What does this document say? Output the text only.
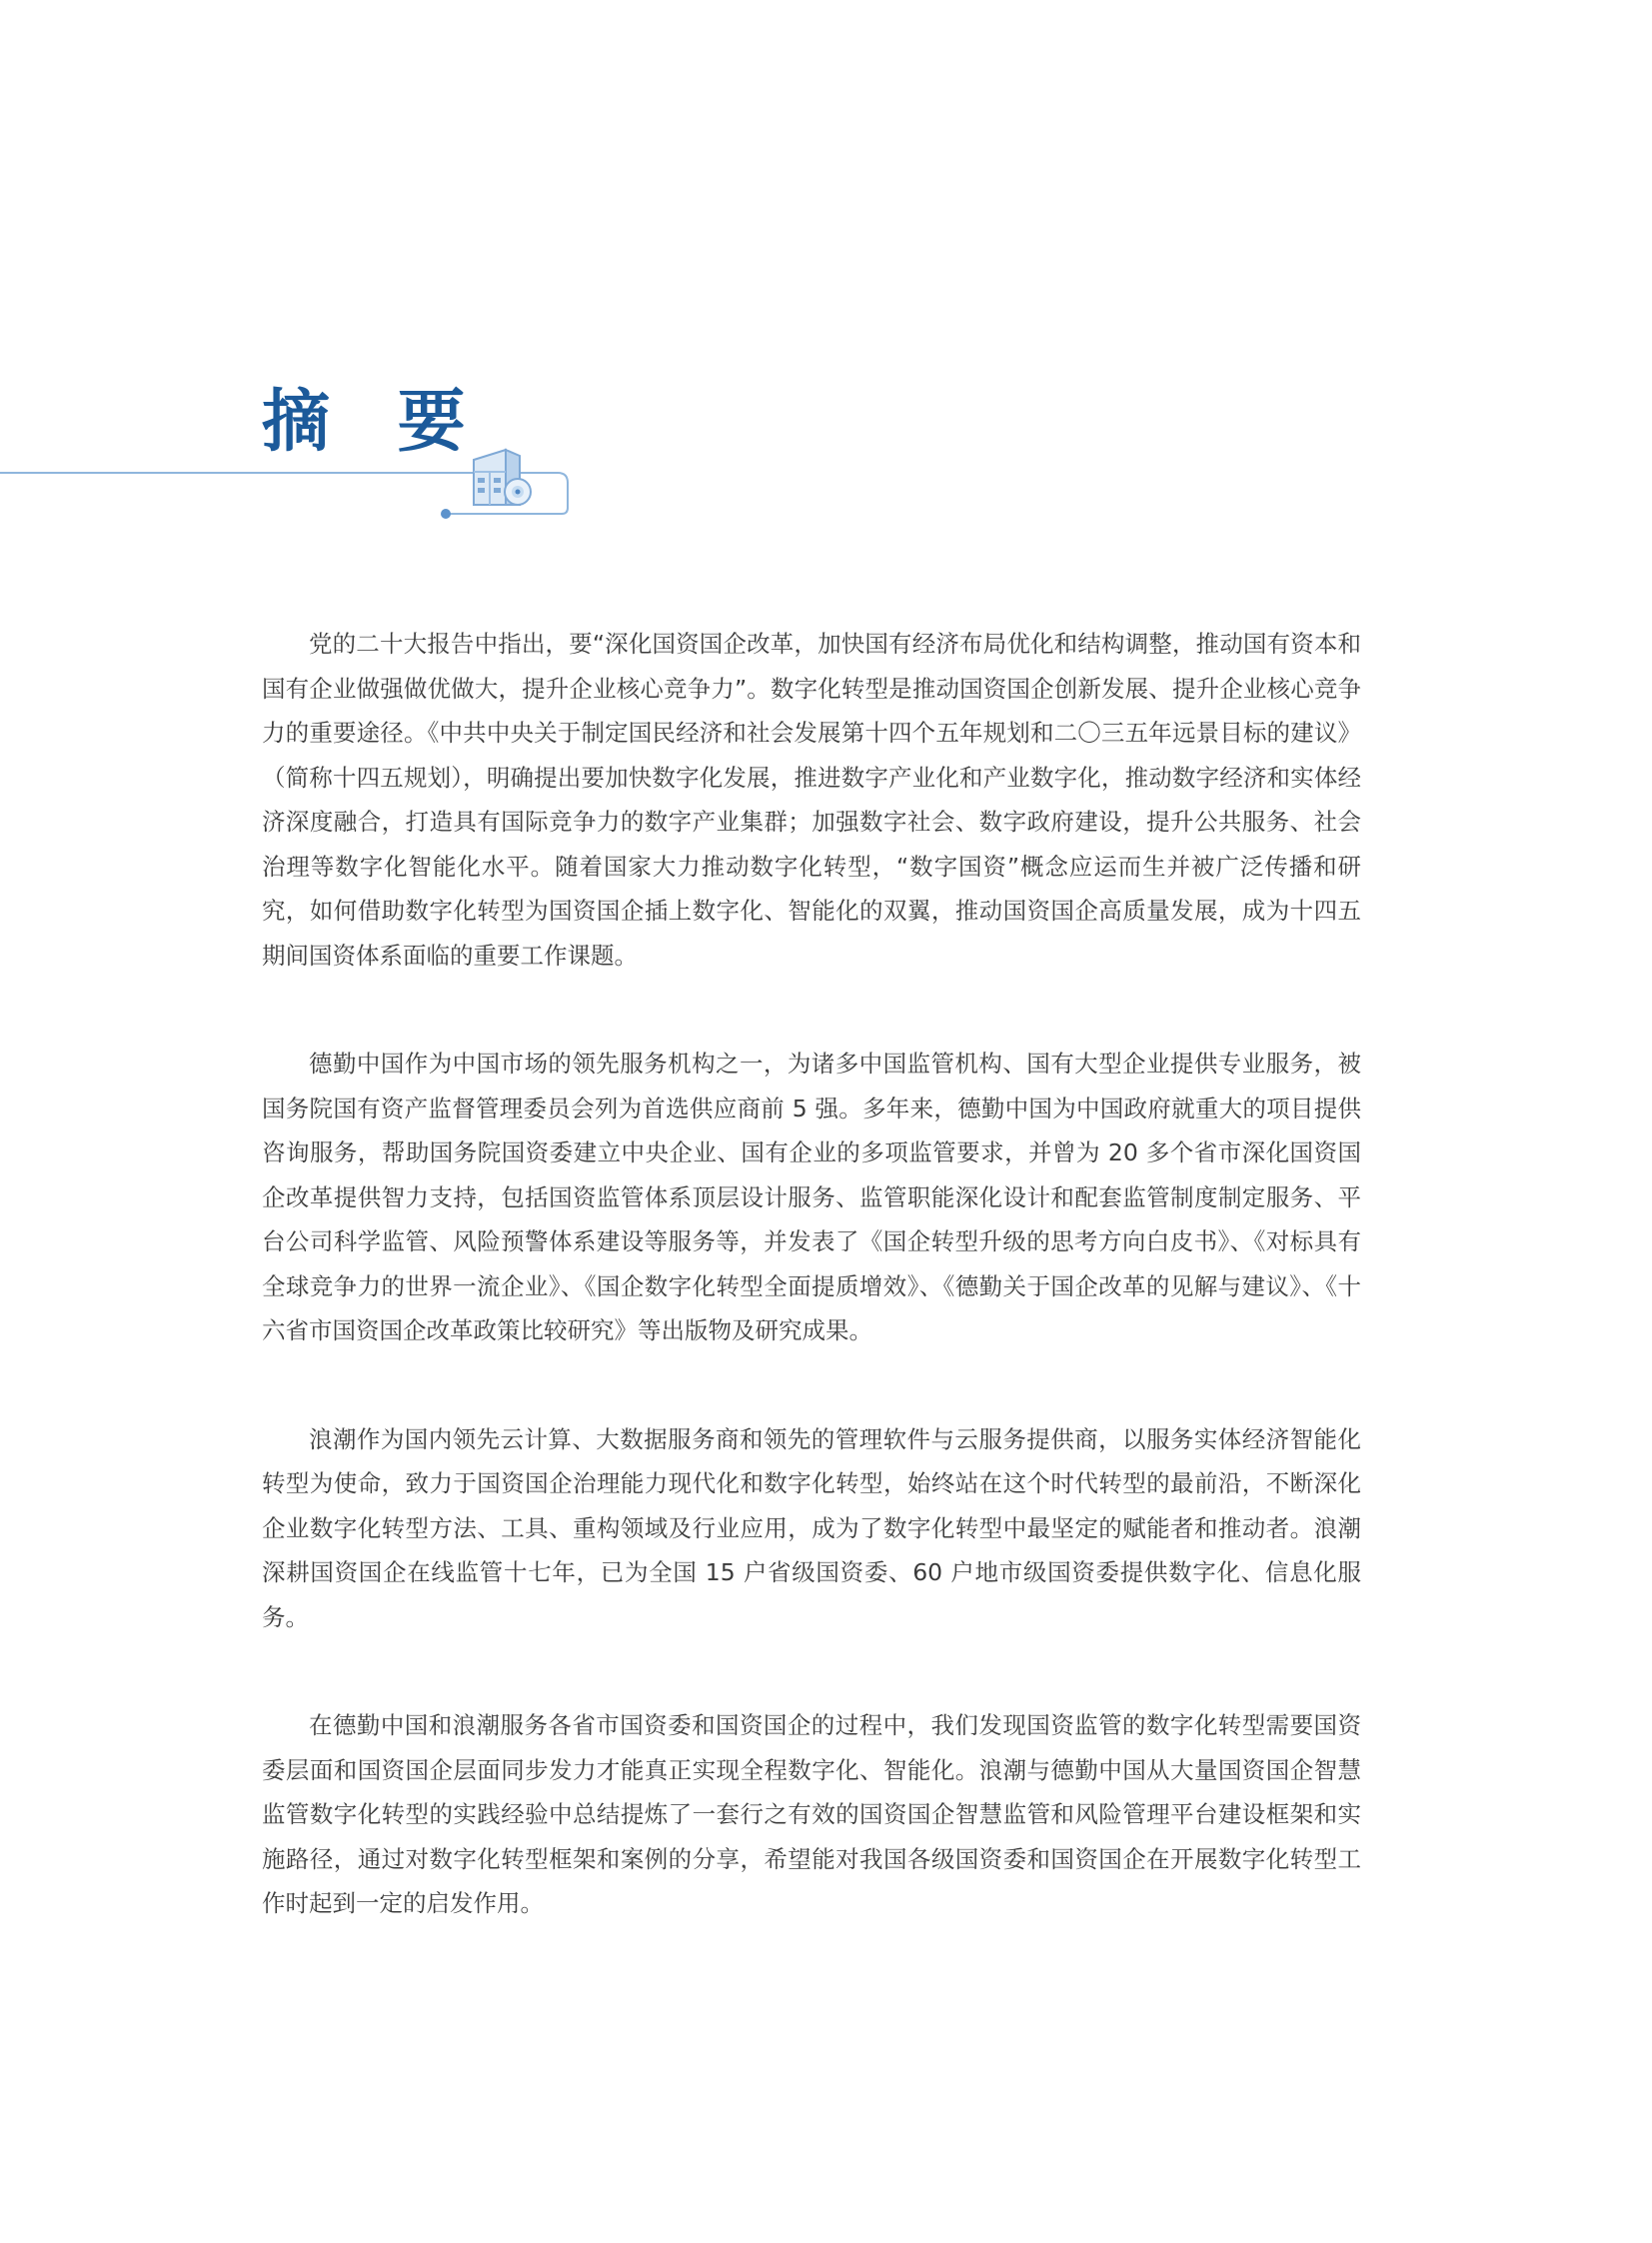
摘 要

党的二十大报告中指出，要“深化国资国企改革，加快国有经济布局优化和结构调整，推动国有资本和国有企业做强做优做大，提升企业核心竞争力”。数字化转型是推动国资国企创新发展、提升企业核心竞争力的重要途径。《中共中央关于制定国民经济和社会发展第十四个五年规划和二〇三五年远景目标的建议》（简称十四五规划），明确提出要加快数字化发展，推进数字产业化和产业数字化，推动数字经济和实体经济深度融合，打造具有国际竞争力的数字产业集群；加强数字社会、数字政府建设，提升公共服务、社会治理等数字化智能化水平。随着国家大力推动数字化转型，“数字国资”概念应运而生并被广泛传播和研究，如何借助数字化转型为国资国企插上数字化、智能化的双翼，推动国资国企高质量发展，成为十四五期间国资体系面临的重要工作课题。

德勤中国作为中国市场的领先服务机构之一，为诸多中国监管机构、国有大型企业提供专业服务，被国务院国有资产监督管理委员会列为首选供应商前 5 强。多年来，德勤中国为中国政府就重大的项目提供咨询服务，帮助国务院国资委建立中央企业、国有企业的多项监管要求，并曾为 20 多个省市深化国资国企改革提供智力支持，包括国资监管体系顶层设计服务、监管职能深化设计和配套监管制度制定服务、平台公司科学监管、风险预警体系建设等服务等，并发表了《国企转型升级的思考方向白皮书》、《对标具有全球竞争力的世界一流企业》、《国企数字化转型全面提质增效》、《德勤关于国企改革的见解与建议》、《十六省市国资国企改革政策比较研究》等出版物及研究成果。

浪潮作为国内领先云计算、大数据服务商和领先的管理软件与云服务提供商，以服务实体经济智能化转型为使命，致力于国资国企治理能力现代化和数字化转型，始终站在这个时代转型的最前沿，不断深化企业数字化转型方法、工具、重构领域及行业应用，成为了数字化转型中最坚定的赋能者和推动者。浪潮深耕国资国企在线监管十七年，已为全国 15 户省级国资委、60 户地市级国资委提供数字化、信息化服务。

在德勤中国和浪潮服务各省市国资委和国资国企的过程中，我们发现国资监管的数字化转型需要国资委层面和国资国企层面同步发力才能真正实现全程数字化、智能化。浪潮与德勤中国从大量国资国企智慧监管数字化转型的实践经验中总结提炼了一套行之有效的国资国企智慧监管和风险管理平台建设框架和实施路径，通过对数字化转型框架和案例的分享，希望能对我国各级国资委和国资国企在开展数字化转型工作时起到一定的启发作用。
